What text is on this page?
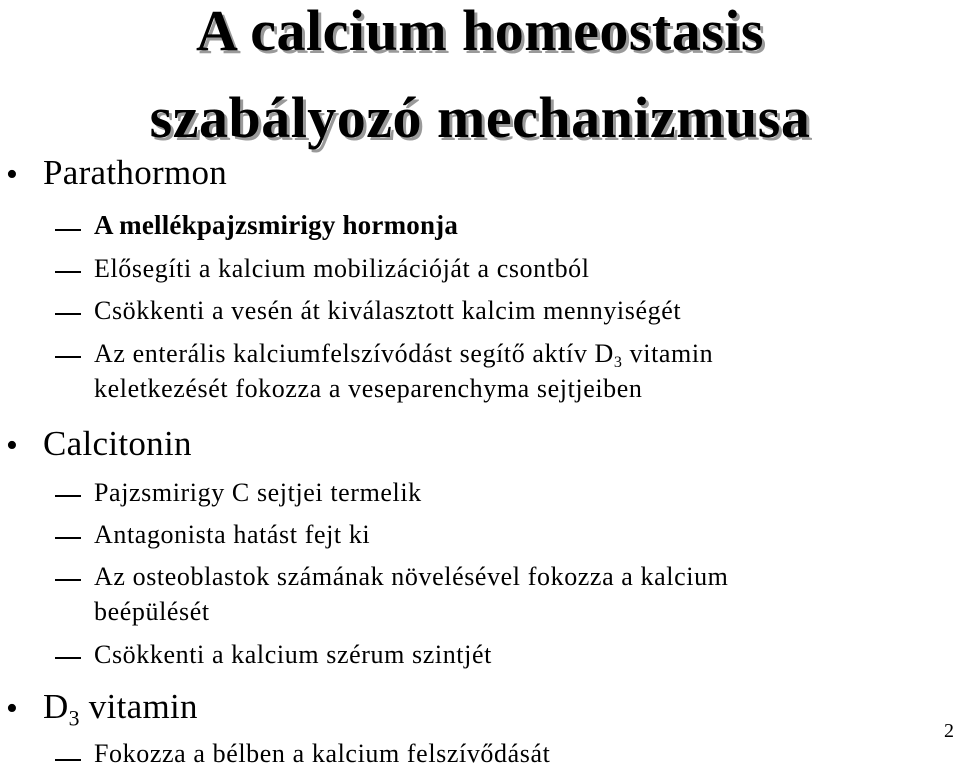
A calcium homeostasis
szabályozó mechanizmusa
• Parathormon
A mellékpajzsmirigy hormonja
Elősegíti a kalcium mobilizációját a csontból
Csökkenti a vesén át kiválasztott kalcim mennyiségét
Az enterális kalciumfelszívódást segítő aktív $D_3$ vitamin
keletkezését fokozza a veseparenchyma sejtjeiben
• Calcitonin
Pajzsmirigy C sejtjei termelik
Antagonista hatást fejt ki
Az osteoblastok számának növelésével fokozza a kalcium
beépülését
Csökkenti a kalcium szérum szintjét
• $D_3$ vitamin
Fokozza a bélben a kalcium felszívődását
2
